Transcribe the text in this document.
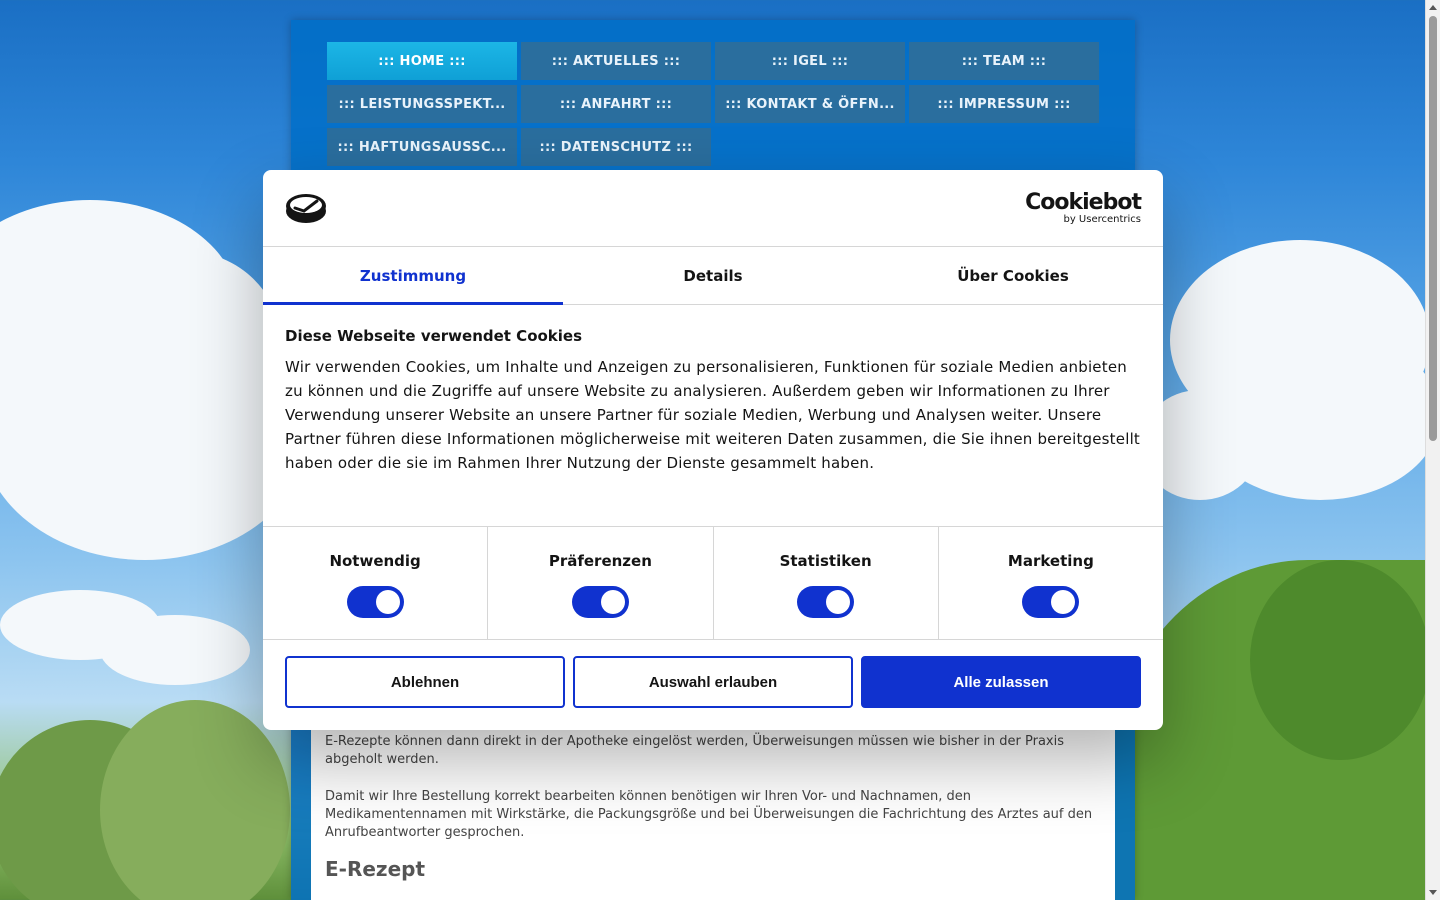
::: HOME :::	::: AKTUELLES :::	::: IGEL :::	::: TEAM :::
::: LEISTUNGSSPEKT...	::: ANFAHRT :::	::: KONTAKT & ÖFFN...	::: IMPRESSUM :::
::: HAFTUNGSAUSSC...	::: DATENSCHUTZ :::

E-Rezepte können dann direkt in der Apotheke eingelöst werden, Überweisungen müssen wie bisher in der Praxis abgeholt werden.

Damit wir Ihre Bestellung korrekt bearbeiten können benötigen wir Ihren Vor- und Nachnamen, den Medikamentennamen mit Wirkstärke, die Packungsgröße und bei Überweisungen die Fachrichtung des Arztes auf den Anrufbeantworter gesprochen.

E-Rezept
Cookiebot
by Usercentrics
Zustimmung	Details	Über Cookies
Diese Webseite verwendet Cookies

Wir verwenden Cookies, um Inhalte und Anzeigen zu personalisieren, Funktionen für soziale Medien anbieten zu können und die Zugriffe auf unsere Website zu analysieren. Außerdem geben wir Informationen zu Ihrer Verwendung unserer Website an unsere Partner für soziale Medien, Werbung und Analysen weiter. Unsere Partner führen diese Informationen möglicherweise mit weiteren Daten zusammen, die Sie ihnen bereitgestellt haben oder die sie im Rahmen Ihrer Nutzung der Dienste gesammelt haben.

Notwendig	Präferenzen	Statistiken	Marketing
Ablehnen	Auswahl erlauben	Alle zulassen
